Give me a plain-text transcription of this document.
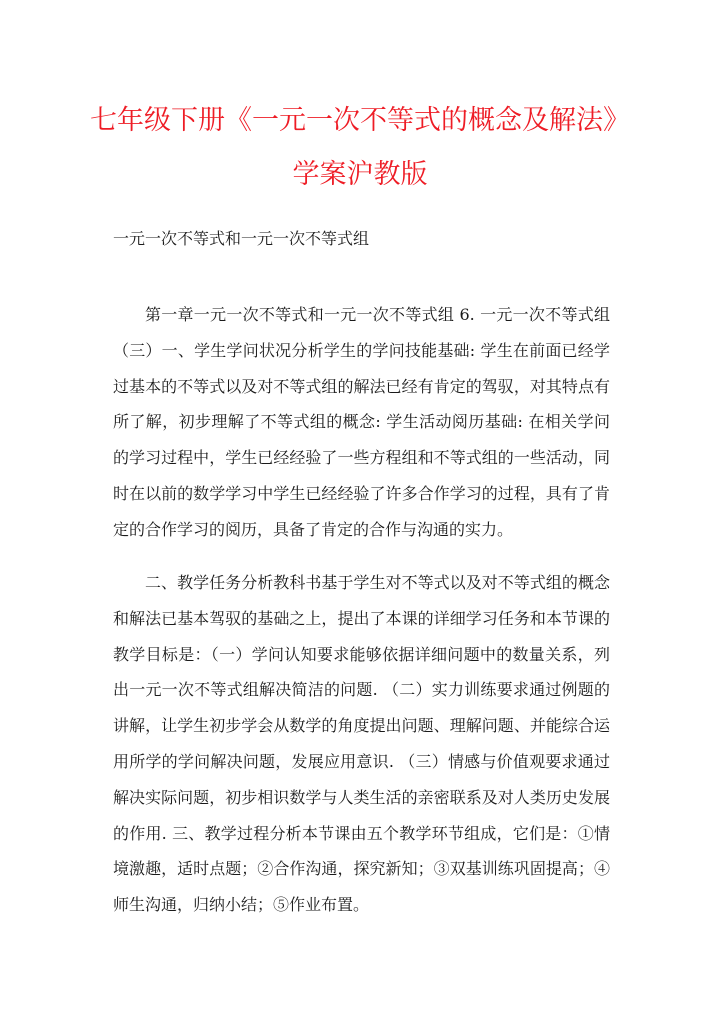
七年级下册《一元一次不等式的概念及解法》
学案沪教版
一元一次不等式和一元一次不等式组

第一章一元一次不等式和一元一次不等式组 6. 一元一次不等式组（三）一、学生学问状况分析学生的学问技能基础: 学生在前面已经学过基本的不等式以及对不等式组的解法已经有肯定的驾驭，对其特点有所了解，初步理解了不等式组的概念: 学生活动阅历基础: 在相关学问的学习过程中，学生已经经验了一些方程组和不等式组的一些活动，同时在以前的数学学习中学生已经经验了许多合作学习的过程，具有了肯定的合作学习的阅历，具备了肯定的合作与沟通的实力。

二、教学任务分析教科书基于学生对不等式以及对不等式组的概念和解法已基本驾驭的基础之上，提出了本课的详细学习任务和本节课的教学目标是：（一）学问认知要求能够依据详细问题中的数量关系，列出一元一次不等式组解决简洁的问题. （二）实力训练要求通过例题的讲解，让学生初步学会从数学的角度提出问题、理解问题、并能综合运用所学的学问解决问题，发展应用意识. （三）情感与价值观要求通过解决实际问题，初步相识数学与人类生活的亲密联系及对人类历史发展的作用. 三、教学过程分析本节课由五个教学环节组成，它们是：①情境激趣，适时点题；②合作沟通，探究新知；③双基训练巩固提高；④师生沟通，归纳小结；⑤作业布置。
